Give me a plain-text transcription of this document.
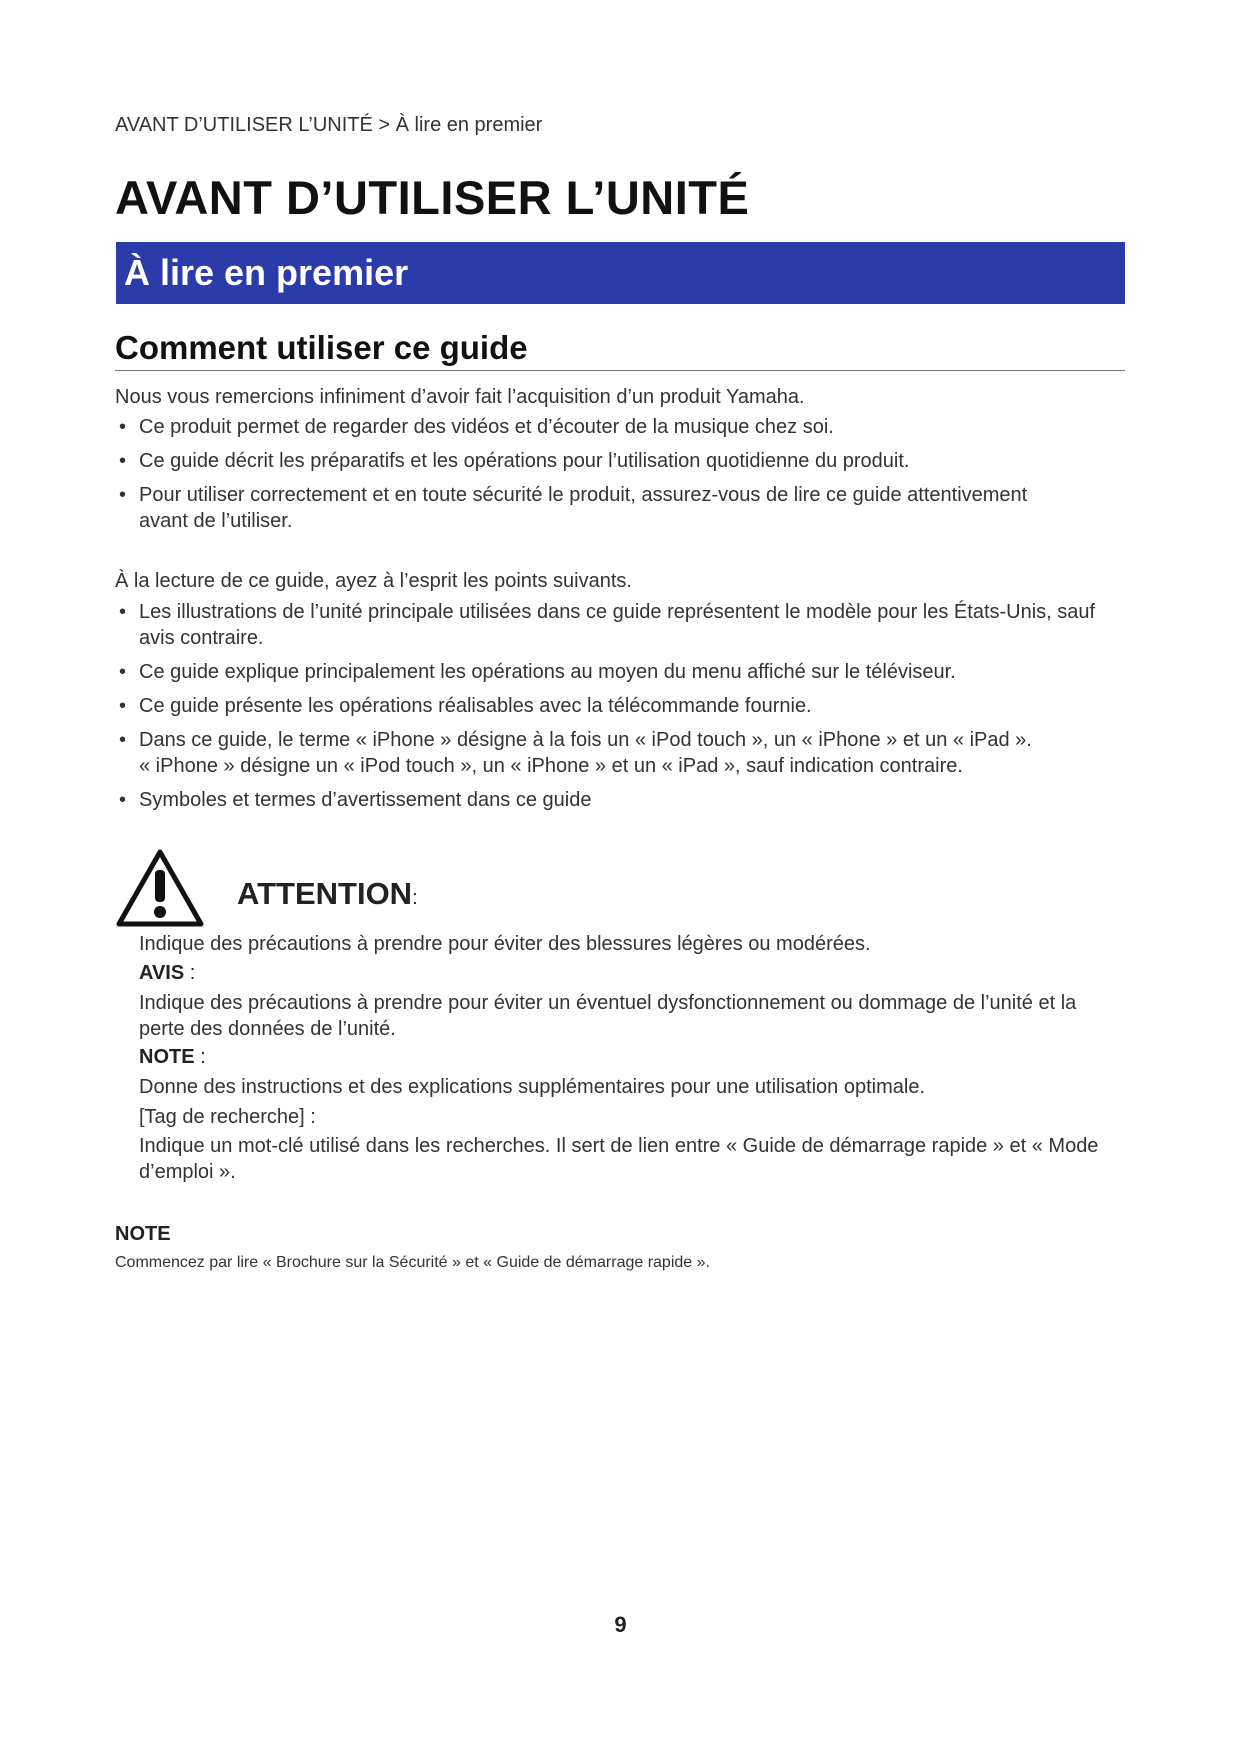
AVANT D’UTILISER L’UNITÉ > À lire en premier
AVANT D’UTILISER L’UNITÉ
À lire en premier
Comment utiliser ce guide
Nous vous remercions infiniment d’avoir fait l’acquisition d’un produit Yamaha.
• Ce produit permet de regarder des vidéos et d’écouter de la musique chez soi.
• Ce guide décrit les préparatifs et les opérations pour l’utilisation quotidienne du produit.
• Pour utiliser correctement et en toute sécurité le produit, assurez-vous de lire ce guide attentivement avant de l’utiliser.
À la lecture de ce guide, ayez à l’esprit les points suivants.
• Les illustrations de l’unité principale utilisées dans ce guide représentent le modèle pour les États-Unis, sauf avis contraire.
• Ce guide explique principalement les opérations au moyen du menu affiché sur le téléviseur.
• Ce guide présente les opérations réalisables avec la télécommande fournie.
• Dans ce guide, le terme « iPhone » désigne à la fois un « iPod touch », un « iPhone » et un « iPad ».
« iPhone » désigne un « iPod touch », un « iPhone » et un « iPad », sauf indication contraire.
• Symboles et termes d’avertissement dans ce guide
ATTENTION:
Indique des précautions à prendre pour éviter des blessures légères ou modérées.
AVIS :
Indique des précautions à prendre pour éviter un éventuel dysfonctionnement ou dommage de l’unité et la perte des données de l’unité.
NOTE :
Donne des instructions et des explications supplémentaires pour une utilisation optimale.
[Tag de recherche] :
Indique un mot-clé utilisé dans les recherches. Il sert de lien entre « Guide de démarrage rapide » et « Mode d’emploi ».
NOTE
Commencez par lire « Brochure sur la Sécurité » et « Guide de démarrage rapide ».
9
